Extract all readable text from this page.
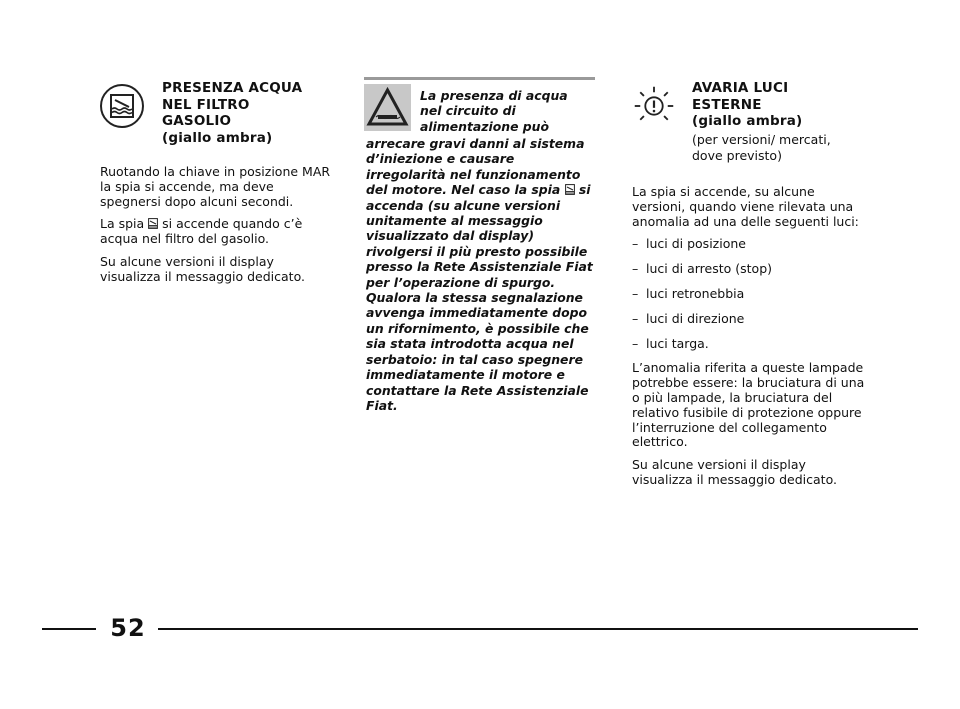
PRESENZA ACQUA
NEL FILTRO
GASOLIO
(giallo ambra)

Ruotando la chiave in posizione MAR la spia si accende, ma deve spegnersi dopo alcuni secondi.

La spia si accende quando c’è acqua nel filtro del gasolio.

Su alcune versioni il display visualizza il messaggio dedicato.

La presenza di acqua
nel circuito di
alimentazione può
arrecare gravi danni al sistema d’iniezione e causare irregolarità nel funzionamento del motore. Nel caso la spia si accenda (su alcune versioni unitamente al messaggio visualizzato dal display) rivolgersi il più presto possibile presso la Rete Assistenziale Fiat per l’operazione di spurgo. Qualora la stessa segnalazione avvenga immediatamente dopo un rifornimento, è possibile che sia stata introdotta acqua nel serbatoio: in tal caso spegnere immediatamente il motore e contattare la Rete Assistenziale Fiat.
AVARIA LUCI
ESTERNE
(giallo ambra)
(per versioni/ mercati,
dove previsto)

La spia si accende, su alcune versioni, quando viene rilevata una anomalia ad una delle seguenti luci:

– luci di posizione
– luci di arresto (stop)
– luci retronebbia
– luci di direzione
– luci targa.

L’anomalia riferita a queste lampade potrebbe essere: la bruciatura di una o più lampade, la bruciatura del relativo fusibile di protezione oppure l’interruzione del collegamento elettrico.

Su alcune versioni il display visualizza il messaggio dedicato.

52
